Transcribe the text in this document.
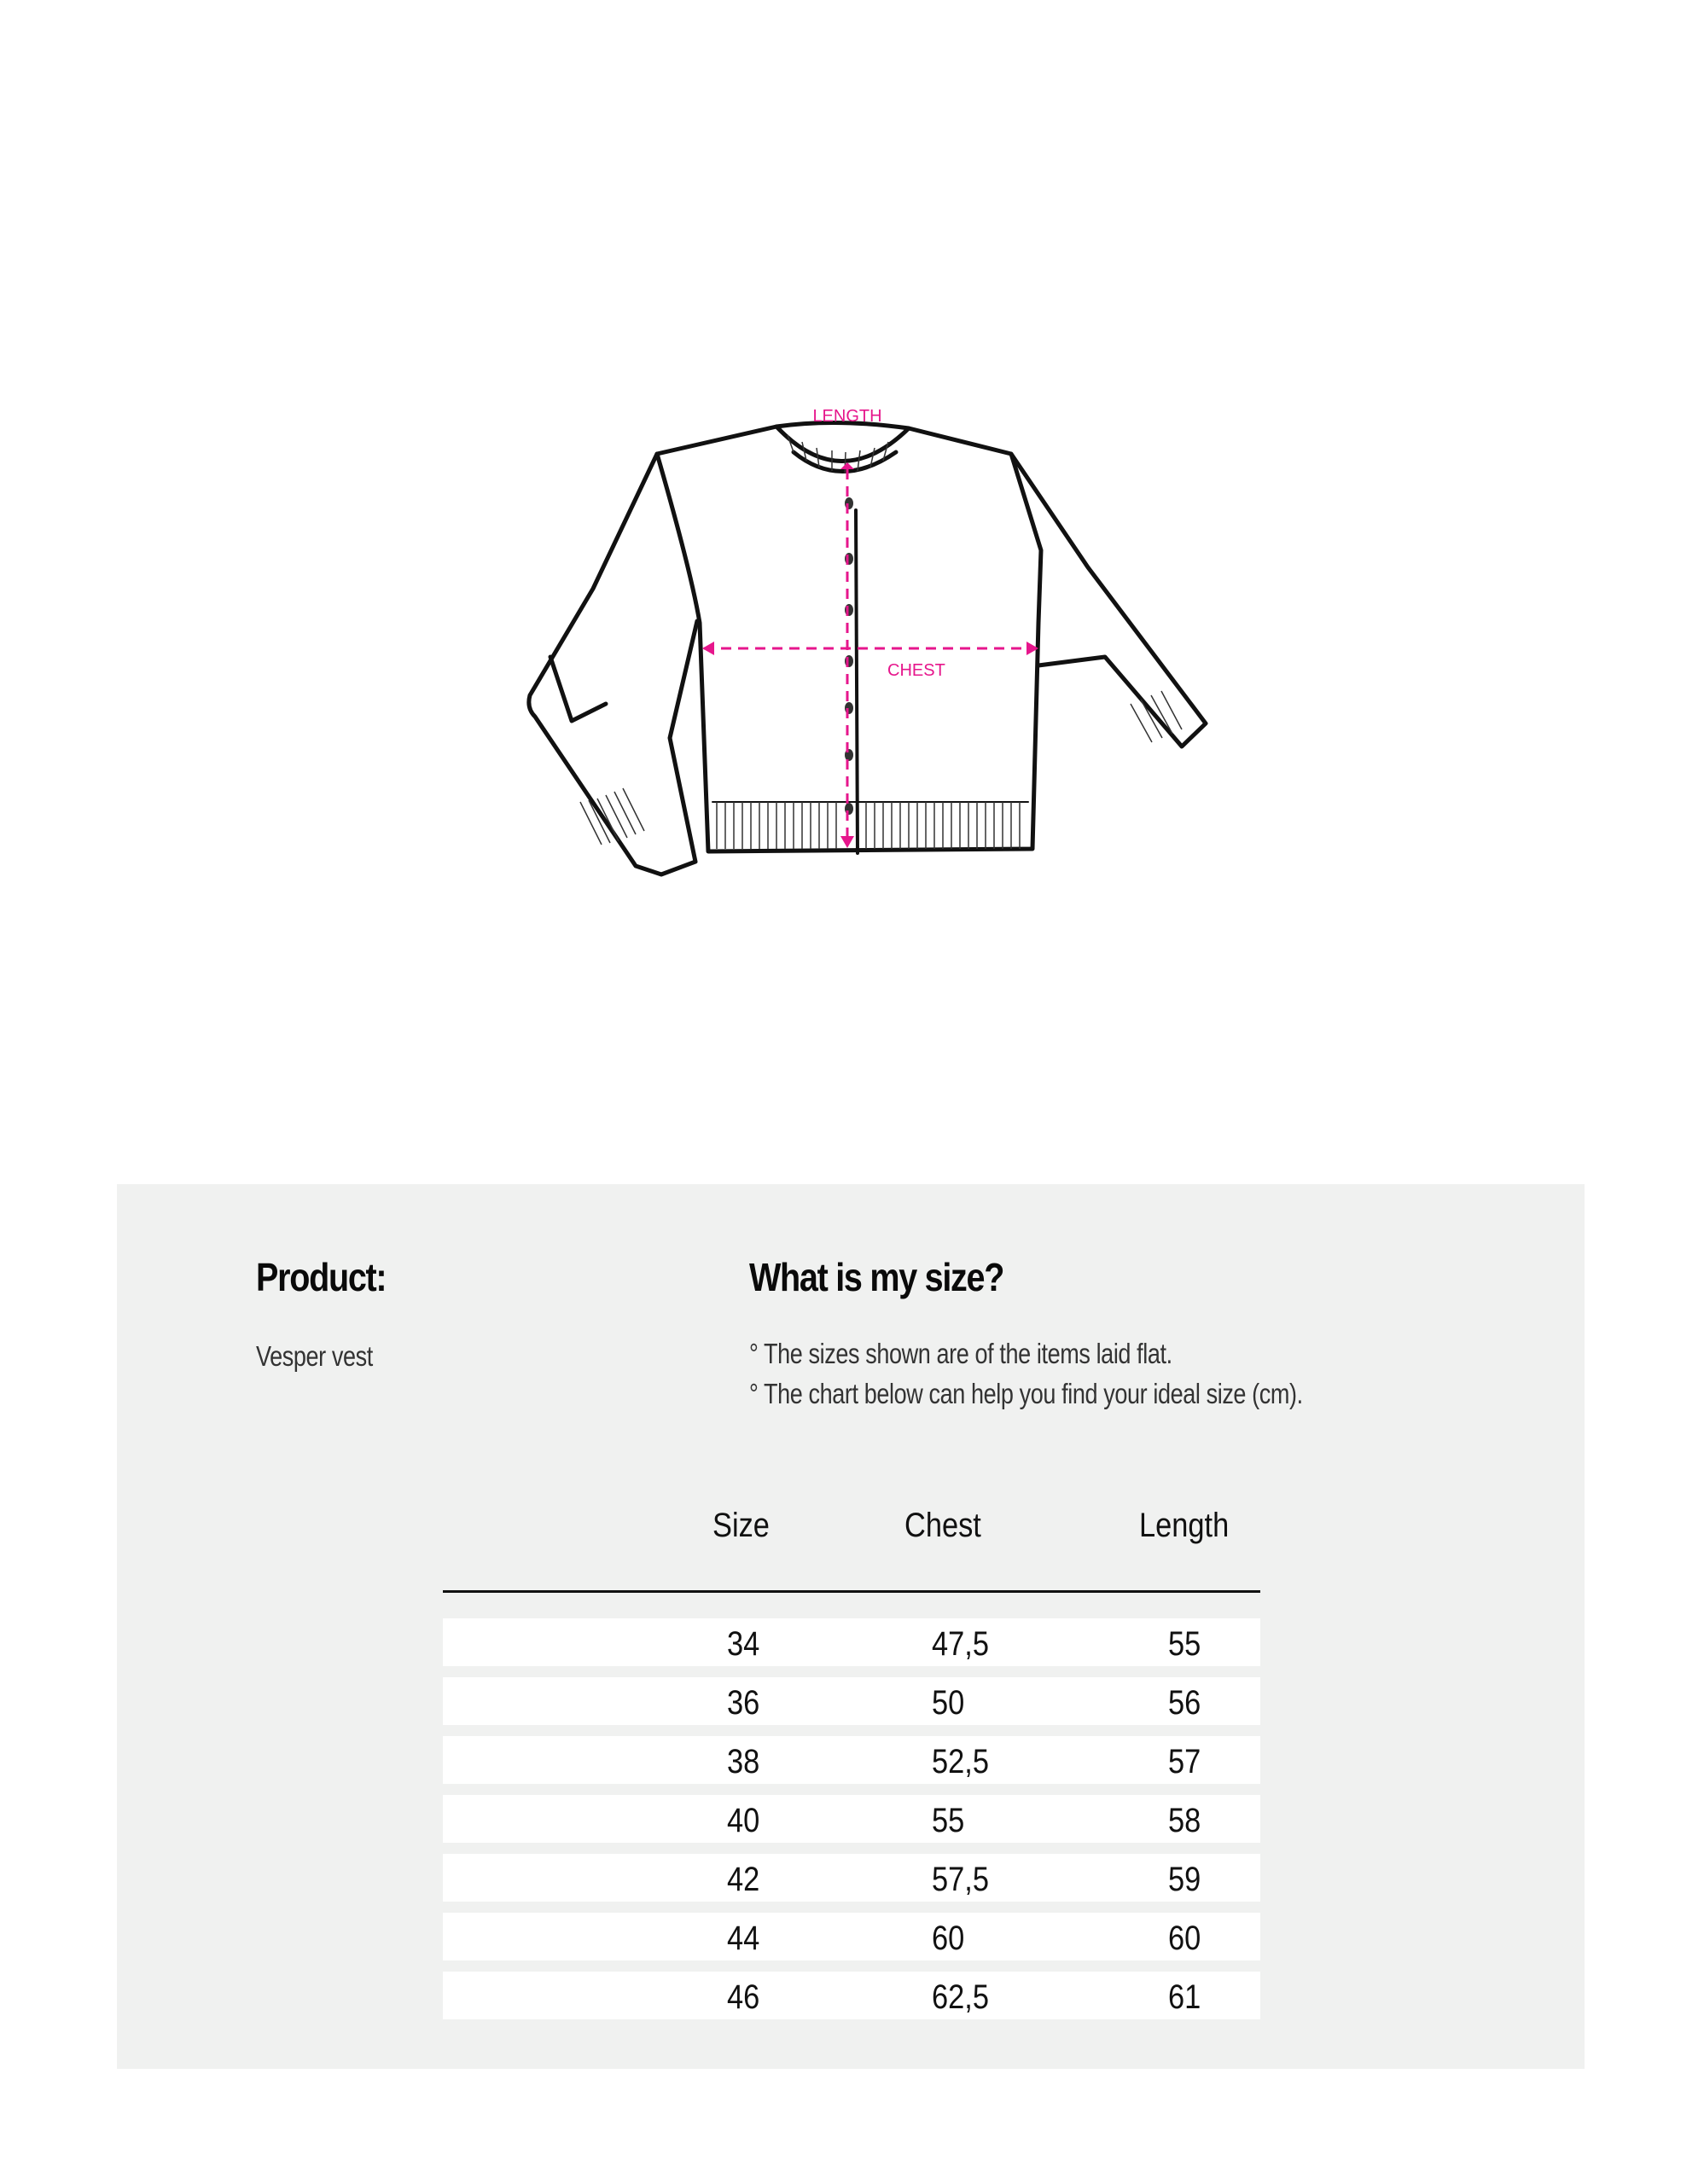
LENGTH
CHEST
Product:
Vesper vest
What is my size?
° The sizes shown are of the items laid flat.
° The chart below can help you find your ideal size (cm).
Size	Chest	Length
34	47,5	55
36	50	56
38	52,5	57
40	55	58
42	57,5	59
44	60	60
46	62,5	61
